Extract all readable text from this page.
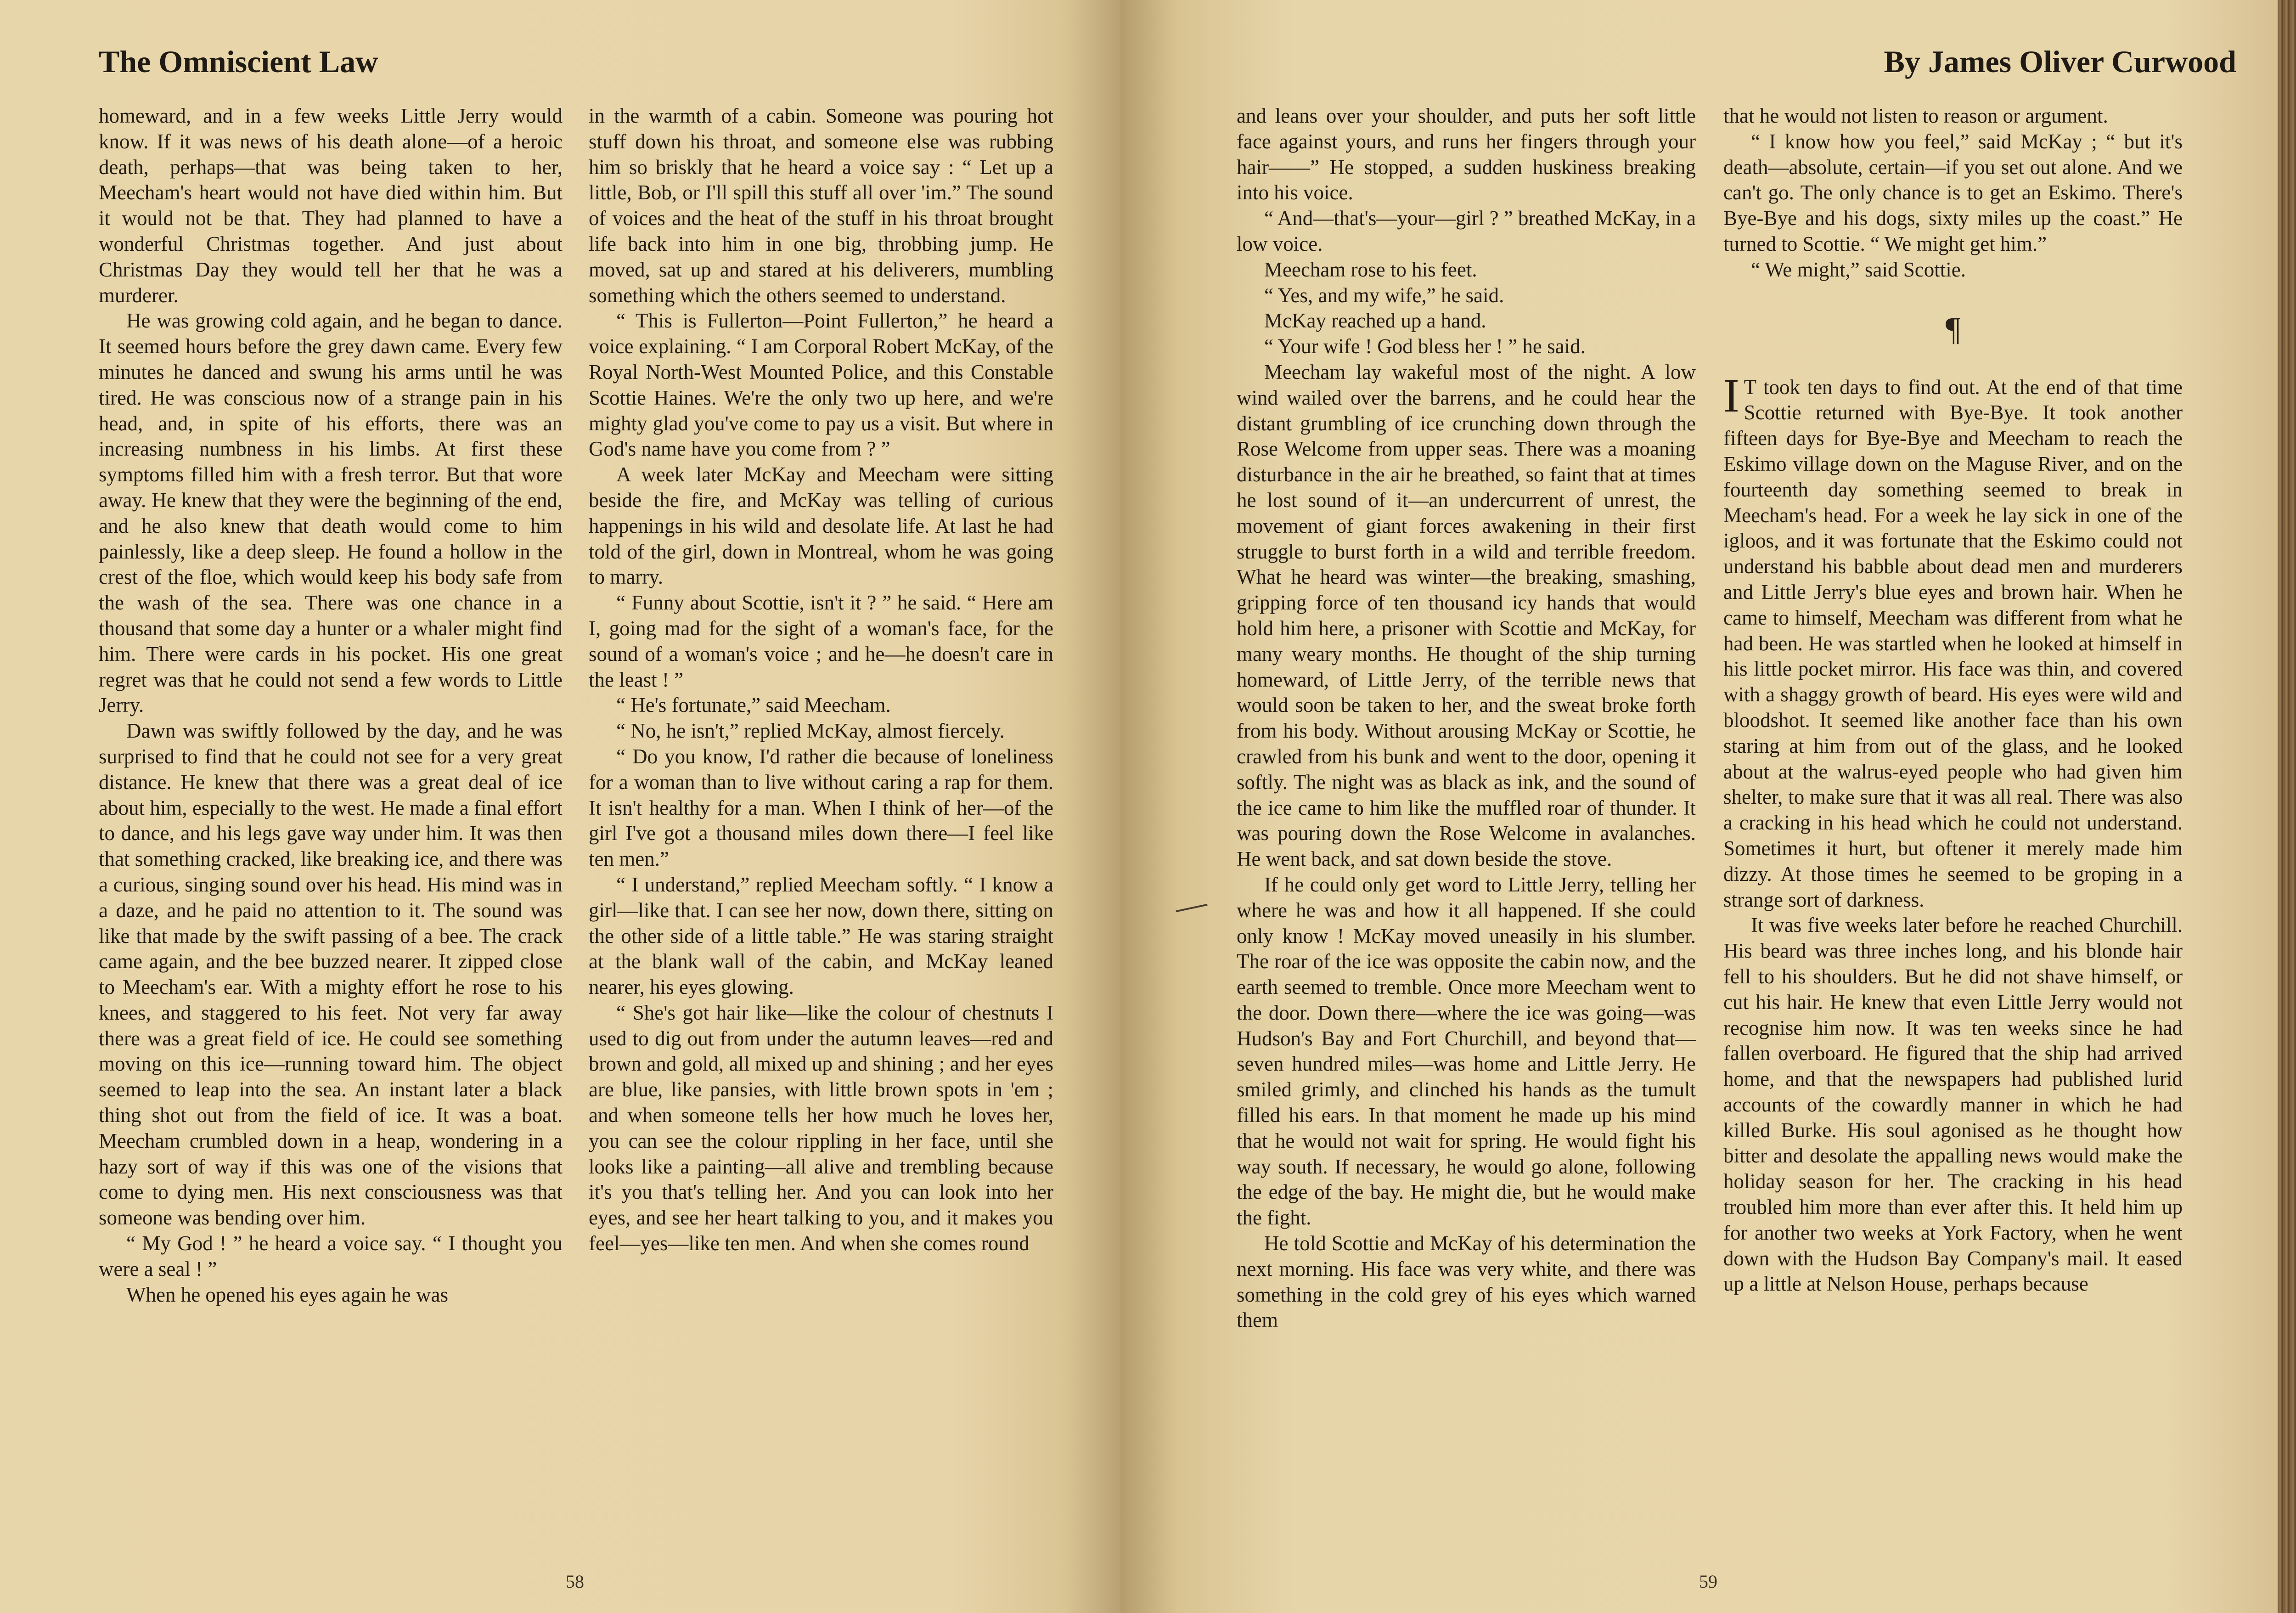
The Omniscient Law

homeward, and in a few weeks Little Jerry would know. If it was news of his death alone—of a heroic death, perhaps—that was being taken to her, Meecham's heart would not have died within him. But it would not be that. They had planned to have a wonderful Christmas together. And just about Christmas Day they would tell her that he was a murderer.

He was growing cold again, and he began to dance. It seemed hours before the grey dawn came. Every few minutes he danced and swung his arms until he was tired. He was conscious now of a strange pain in his head, and, in spite of his efforts, there was an increasing numbness in his limbs. At first these symptoms filled him with a fresh terror. But that wore away. He knew that they were the beginning of the end, and he also knew that death would come to him painlessly, like a deep sleep. He found a hollow in the crest of the floe, which would keep his body safe from the wash of the sea. There was one chance in a thousand that some day a hunter or a whaler might find him. There were cards in his pocket. His one great regret was that he could not send a few words to Little Jerry.

Dawn was swiftly followed by the day, and he was surprised to find that he could not see for a very great distance. He knew that there was a great deal of ice about him, especially to the west. He made a final effort to dance, and his legs gave way under him. It was then that something cracked, like breaking ice, and there was a curious, singing sound over his head. His mind was in a daze, and he paid no attention to it. The sound was like that made by the swift passing of a bee. The crack came again, and the bee buzzed nearer. It zipped close to Meecham's ear. With a mighty effort he rose to his knees, and staggered to his feet. Not very far away there was a great field of ice. He could see something moving on this ice—running toward him. The object seemed to leap into the sea. An instant later a black thing shot out from the field of ice. It was a boat. Meecham crumbled down in a heap, wondering in a hazy sort of way if this was one of the visions that come to dying men. His next consciousness was that someone was bending over him.

“ My God ! ” he heard a voice say. “ I thought you were a seal ! ”

When he opened his eyes again he was

in the warmth of a cabin. Someone was pouring hot stuff down his throat, and someone else was rubbing him so briskly that he heard a voice say : “ Let up a little, Bob, or I'll spill this stuff all over 'im.” The sound of voices and the heat of the stuff in his throat brought life back into him in one big, throbbing jump. He moved, sat up and stared at his deliverers, mumbling something which the others seemed to understand.

“ This is Fullerton—Point Fullerton,” he heard a voice explaining. “ I am Corporal Robert McKay, of the Royal North-West Mounted Police, and this Constable Scottie Haines. We're the only two up here, and we're mighty glad you've come to pay us a visit. But where in God's name have you come from ? ”

A week later McKay and Meecham were sitting beside the fire, and McKay was telling of curious happenings in his wild and desolate life. At last he had told of the girl, down in Montreal, whom he was going to marry.

“ Funny about Scottie, isn't it ? ” he said. “ Here am I, going mad for the sight of a woman's face, for the sound of a woman's voice ; and he—he doesn't care in the least ! ”

“ He's fortunate,” said Meecham.

“ No, he isn't,” replied McKay, almost fiercely.

“ Do you know, I'd rather die because of loneliness for a woman than to live without caring a rap for them. It isn't healthy for a man. When I think of her—of the girl I've got a thousand miles down there—I feel like ten men.”

“ I understand,” replied Meecham softly. “ I know a girl—like that. I can see her now, down there, sitting on the other side of a little table.” He was staring straight at the blank wall of the cabin, and McKay leaned nearer, his eyes glowing.

“ She's got hair like—like the colour of chestnuts I used to dig out from under the autumn leaves—red and brown and gold, all mixed up and shining ; and her eyes are blue, like pansies, with little brown spots in 'em ; and when someone tells her how much he loves her, you can see the colour rippling in her face, until she looks like a painting—all alive and trembling because it's you that's telling her. And you can look into her eyes, and see her heart talking to you, and it makes you feel—yes—like ten men. And when she comes round

58
By James Oliver Curwood

and leans over your shoulder, and puts her soft little face against yours, and runs her fingers through your hair——” He stopped, a sudden huskiness breaking into his voice.

“ And—that's—your—girl ? ” breathed McKay, in a low voice.

Meecham rose to his feet.

“ Yes, and my wife,” he said.

McKay reached up a hand.

“ Your wife ! God bless her ! ” he said.

Meecham lay wakeful most of the night. A low wind wailed over the barrens, and he could hear the distant grumbling of ice crunching down through the Rose Welcome from upper seas. There was a moaning disturbance in the air he breathed, so faint that at times he lost sound of it—an undercurrent of unrest, the movement of giant forces awakening in their first struggle to burst forth in a wild and terrible freedom. What he heard was winter—the breaking, smashing, gripping force of ten thousand icy hands that would hold him here, a prisoner with Scottie and McKay, for many weary months. He thought of the ship turning homeward, of Little Jerry, of the terrible news that would soon be taken to her, and the sweat broke forth from his body. Without arousing McKay or Scottie, he crawled from his bunk and went to the door, opening it softly. The night was as black as ink, and the sound of the ice came to him like the muffled roar of thunder. It was pouring down the Rose Welcome in avalanches. He went back, and sat down beside the stove.

If he could only get word to Little Jerry, telling her where he was and how it all happened. If she could only know ! McKay moved uneasily in his slumber. The roar of the ice was opposite the cabin now, and the earth seemed to tremble. Once more Meecham went to the door. Down there—where the ice was going—was Hudson's Bay and Fort Churchill, and beyond that—seven hundred miles—was home and Little Jerry. He smiled grimly, and clinched his hands as the tumult filled his ears. In that moment he made up his mind that he would not wait for spring. He would fight his way south. If necessary, he would go alone, following the edge of the bay. He might die, but he would make the fight.

He told Scottie and McKay of his determination the next morning. His face was very white, and there was something in the cold grey of his eyes which warned them

that he would not listen to reason or argument.

“ I know how you feel,” said McKay ; “ but it's death—absolute, certain—if you set out alone. And we can't go. The only chance is to get an Eskimo. There's Bye-Bye and his dogs, sixty miles up the coast.” He turned to Scottie. “ We might get him.”

“ We might,” said Scottie.

¶

IT took ten days to find out. At the end of that time Scottie returned with Bye-Bye. It took another fifteen days for Bye-Bye and Meecham to reach the Eskimo village down on the Maguse River, and on the fourteenth day something seemed to break in Meecham's head. For a week he lay sick in one of the igloos, and it was fortunate that the Eskimo could not understand his babble about dead men and murderers and Little Jerry's blue eyes and brown hair. When he came to himself, Meecham was different from what he had been. He was startled when he looked at himself in his little pocket mirror. His face was thin, and covered with a shaggy growth of beard. His eyes were wild and bloodshot. It seemed like another face than his own staring at him from out of the glass, and he looked about at the walrus-eyed people who had given him shelter, to make sure that it was all real. There was also a cracking in his head which he could not understand. Sometimes it hurt, but oftener it merely made him dizzy. At those times he seemed to be groping in a strange sort of darkness.

It was five weeks later before he reached Churchill. His beard was three inches long, and his blonde hair fell to his shoulders. But he did not shave himself, or cut his hair. He knew that even Little Jerry would not recognise him now. It was ten weeks since he had fallen overboard. He figured that the ship had arrived home, and that the newspapers had published lurid accounts of the cowardly manner in which he had killed Burke. His soul agonised as he thought how bitter and desolate the appalling news would make the holiday season for her. The cracking in his head troubled him more than ever after this. It held him up for another two weeks at York Factory, when he went down with the Hudson Bay Company's mail. It eased up a little at Nelson House, perhaps because

59
